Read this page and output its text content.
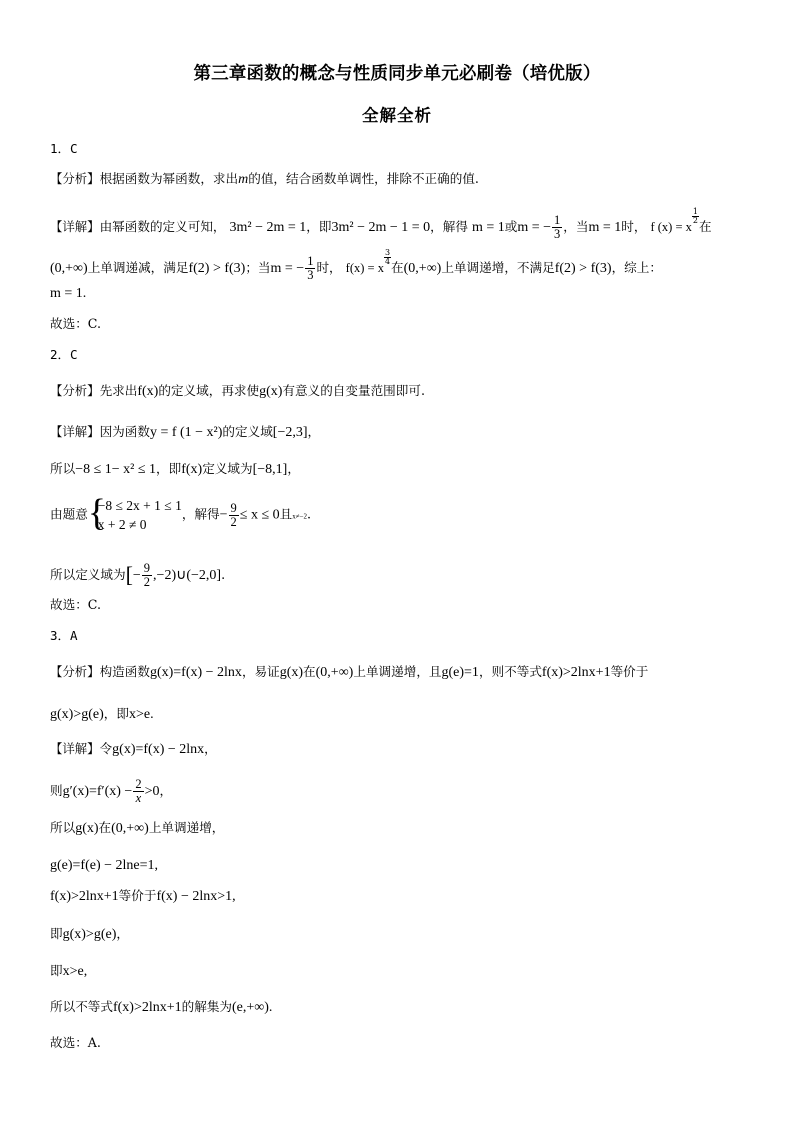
第三章函数的概念与性质同步单元必刷卷（培优版）
全解全析
1．C
【分析】根据函数为幂函数，求出m的值，结合函数单调性，排除不正确的值.
【详解】由幂函数的定义可知， 3m² − 2m = 1，即3m² − 2m − 1 = 0，解得 m = 1或m = − $\frac{1}{3}$ ，当m = 1时， f (x) = x
$\frac{1}{2}$
在
(0,+∞)上单调递减，满足f(2) > f(3)；当m = − $\frac{1}{3}$ 时， f(x) = x
$\frac{3}{4}$
在(0,+∞)上单调递增，不满足f(2) > f(3)，综上：
m = 1.
故选：C.
2．C
【分析】先求出f(x)的定义域，再求使g(x)有意义的自变量范围即可.
【详解】因为函数y = f (1 − x²)的定义域[−2,3]，
所以−8 ≤ 1− x² ≤ 1，即f(x)定义域为[−8,1]，
由题意 {
−8 ≤ 2x + 1 ≤ 1
x + 2 ≠ 0
，解得− $\frac{9}{2} \le x \le 0$且x≠−2.
所以定义域为[− $\frac{9}{2}$ ,−2)∪(−2,0].
故选：C.
3．A
【分析】构造函数g(x)=f(x) − 2lnx，易证g(x)在(0,+∞)上单调递增，且g(e)=1，则不等式f(x)>2lnx+1等价于
g(x)>g(e)，即x>e.
【详解】令g(x)=f(x) − 2lnx，
则$g'(x)=f'(x) - \frac{2}{x} >0$，
所以g(x)在(0,+∞)上单调递增，
g(e)=f(e) − 2lne=1,
f(x)>2lnx+1等价于f(x) − 2lnx>1,
即g(x)>g(e)，
即x>e,
所以不等式f(x)>2lnx+1的解集为(e,+∞).
故选：A.
